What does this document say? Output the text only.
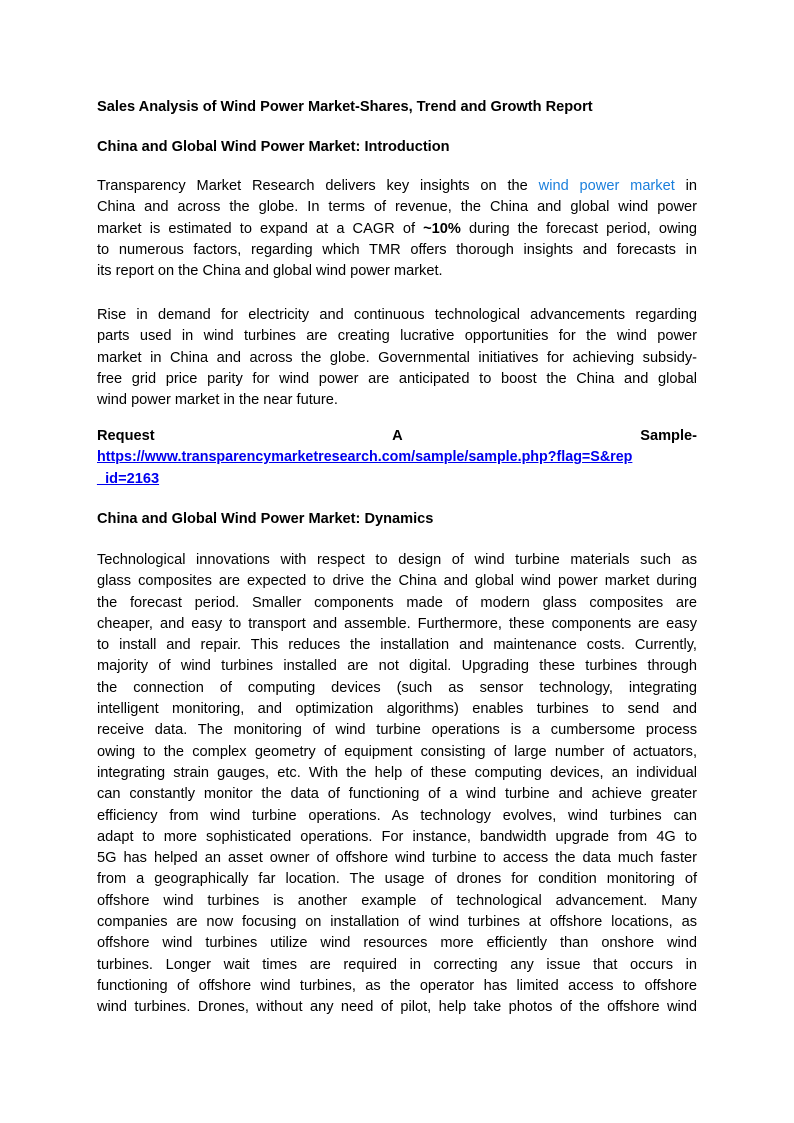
Sales Analysis of Wind Power Market-Shares, Trend and Growth Report
China and Global Wind Power Market: Introduction
Transparency Market Research delivers key insights on the wind power market in
China and across the globe. In terms of revenue, the China and global wind power
market is estimated to expand at a CAGR of ~10% during the forecast period, owing
to numerous factors, regarding which TMR offers thorough insights and forecasts in
its report on the China and global wind power market.
Rise in demand for electricity and continuous technological advancements regarding
parts used in wind turbines are creating lucrative opportunities for the wind power
market in China and across the globe. Governmental initiatives for achieving subsidy-
free grid price parity for wind power are anticipated to boost the China and global
wind power market in the near future.
Request	A	Sample-
https://www.transparencymarketresearch.com/sample/sample.php?flag=S&rep
_id=2163
China and Global Wind Power Market: Dynamics
Technological innovations with respect to design of wind turbine materials such as
glass composites are expected to drive the China and global wind power market during
the forecast period. Smaller components made of modern glass composites are
cheaper, and easy to transport and assemble. Furthermore, these components are easy
to install and repair. This reduces the installation and maintenance costs. Currently,
majority of wind turbines installed are not digital. Upgrading these turbines through
the connection of computing devices (such as sensor technology, integrating
intelligent monitoring, and optimization algorithms) enables turbines to send and
receive data. The monitoring of wind turbine operations is a cumbersome process
owing to the complex geometry of equipment consisting of large number of actuators,
integrating strain gauges, etc. With the help of these computing devices, an individual
can constantly monitor the data of functioning of a wind turbine and achieve greater
efficiency from wind turbine operations. As technology evolves, wind turbines can
adapt to more sophisticated operations. For instance, bandwidth upgrade from 4G to
5G has helped an asset owner of offshore wind turbine to access the data much faster
from a geographically far location. The usage of drones for condition monitoring of
offshore wind turbines is another example of technological advancement. Many
companies are now focusing on installation of wind turbines at offshore locations, as
offshore wind turbines utilize wind resources more efficiently than onshore wind
turbines. Longer wait times are required in correcting any issue that occurs in
functioning of offshore wind turbines, as the operator has limited access to offshore
wind turbines. Drones, without any need of pilot, help take photos of the offshore wind
